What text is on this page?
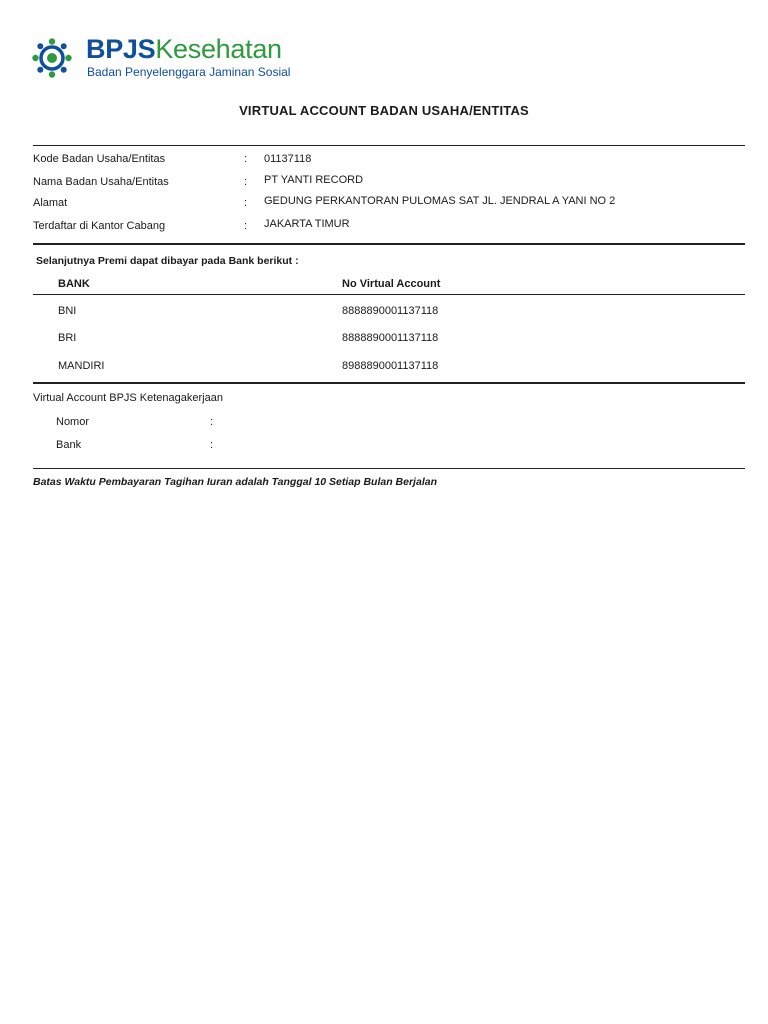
BPJSKesehatan
Badan Penyelenggara Jaminan Sosial
VIRTUAL ACCOUNT BADAN USAHA/ENTITAS
Kode Badan Usaha/Entitas	: 01137118
Nama Badan Usaha/Entitas	: PT YANTI RECORD
Alamat	: GEDUNG PERKANTORAN PULOMAS SAT JL. JENDRAL A YANI NO 2
Terdaftar di Kantor Cabang	: JAKARTA TIMUR
Selanjutnya Premi dapat dibayar pada Bank berikut :
BANK	No Virtual Account
BNI	8888890001137118
BRI	8888890001137118
MANDIRI	8988890001137118
Virtual Account BPJS Ketenagakerjaan
Nomor	:
Bank	:
Batas Waktu Pembayaran Tagihan Iuran adalah Tanggal 10 Setiap Bulan Berjalan
